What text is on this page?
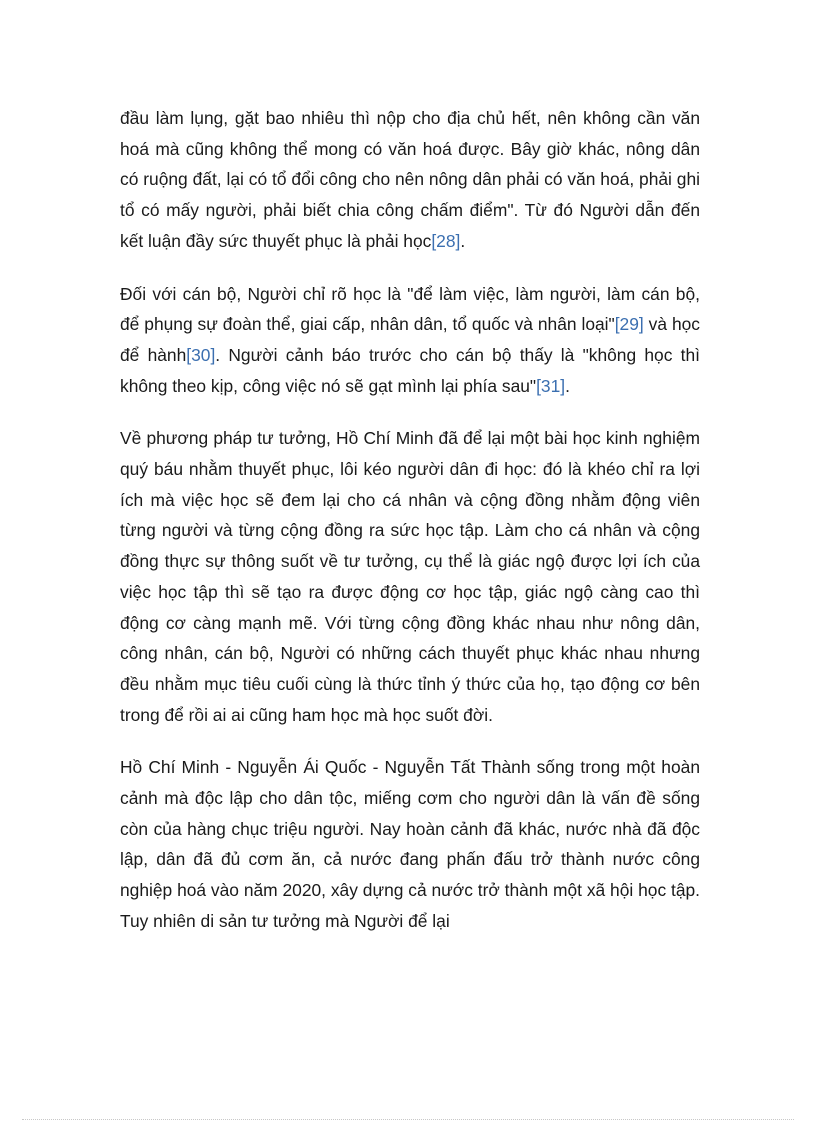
đầu làm lụng, gặt bao nhiêu thì nộp cho địa chủ hết, nên không cần văn hoá mà cũng không thể mong có văn hoá được. Bây giờ khác, nông dân có ruộng đất, lại có tổ đổi công cho nên nông dân phải có văn hoá, phải ghi tổ có mấy người, phải biết chia công chấm điểm". Từ đó Người dẫn đến kết luận đầy sức thuyết phục là phải học[28].

Đối với cán bộ, Người chỉ rõ học là "để làm việc, làm người, làm cán bộ, để phụng sự đoàn thể, giai cấp, nhân dân, tổ quốc và nhân loại"[29] và học để hành[30]. Người cảnh báo trước cho cán bộ thấy là "không học thì không theo kịp, công việc nó sẽ gạt mình lại phía sau"[31].

Về phương pháp tư tưởng, Hồ Chí Minh đã để lại một bài học kinh nghiệm quý báu nhằm thuyết phục, lôi kéo người dân đi học: đó là khéo chỉ ra lợi ích mà việc học sẽ đem lại cho cá nhân và cộng đồng nhằm động viên từng người và từng cộng đồng ra sức học tập. Làm cho cá nhân và cộng đồng thực sự thông suốt về tư tưởng, cụ thể là giác ngộ được lợi ích của việc học tập thì sẽ tạo ra được động cơ học tập, giác ngộ càng cao thì động cơ càng mạnh mẽ. Với từng cộng đồng khác nhau như nông dân, công nhân, cán bộ, Người có những cách thuyết phục khác nhau nhưng đều nhằm mục tiêu cuối cùng là thức tỉnh ý thức của họ, tạo động cơ bên trong để rồi ai ai cũng ham học mà học suốt đời.

Hồ Chí Minh - Nguyễn Ái Quốc - Nguyễn Tất Thành sống trong một hoàn cảnh mà độc lập cho dân tộc, miếng cơm cho người dân là vấn đề sống còn của hàng chục triệu người. Nay hoàn cảnh đã khác, nước nhà đã độc lập, dân đã đủ cơm ăn, cả nước đang phấn đấu trở thành nước công nghiệp hoá vào năm 2020, xây dựng cả nước trở thành một xã hội học tập. Tuy nhiên di sản tư tưởng mà Người để lại
